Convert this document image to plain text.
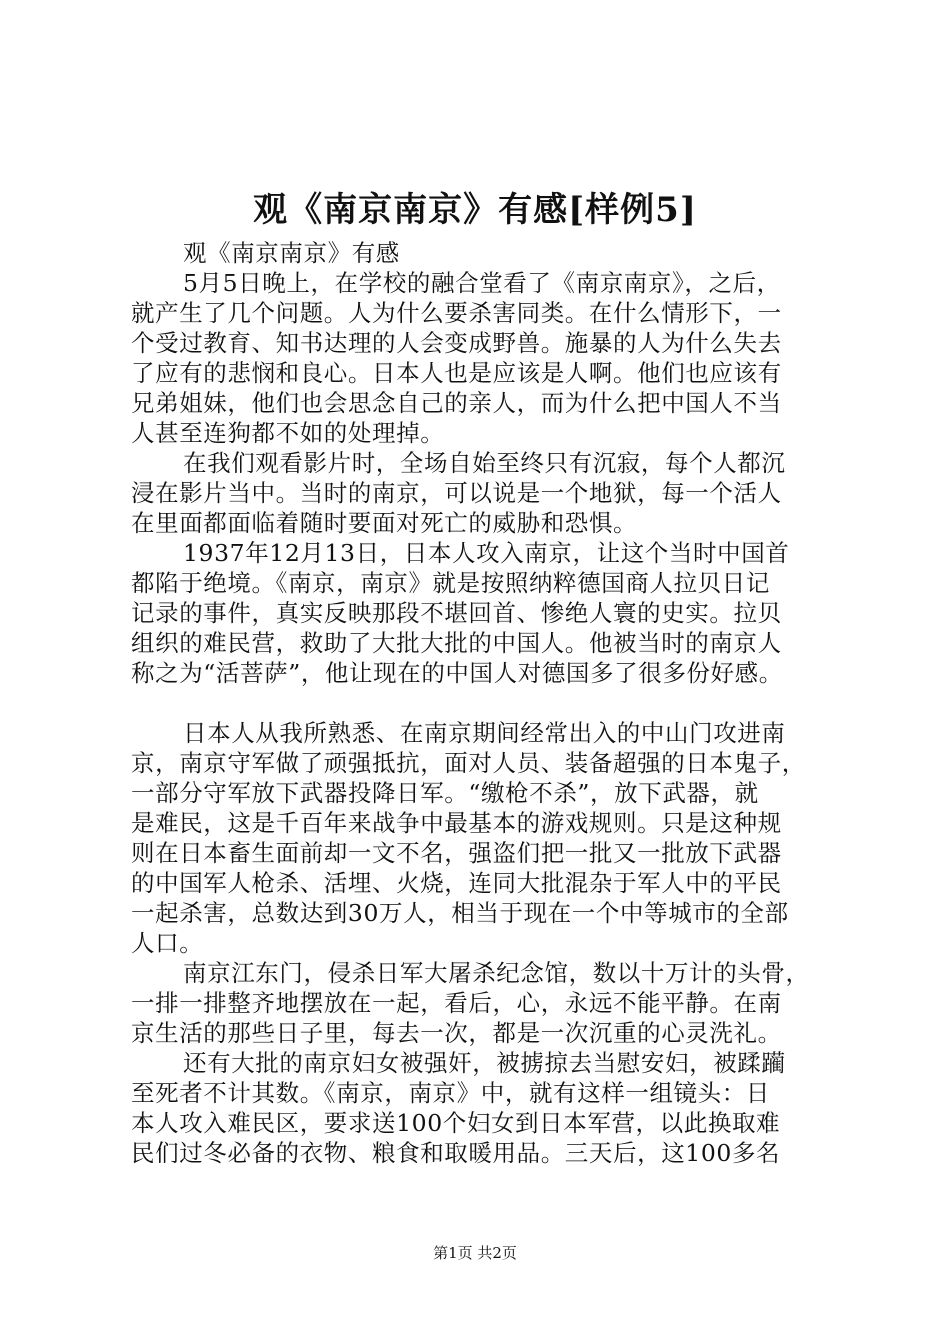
观《南京南京》有感[样例5]
观《南京南京》有感
5月5日晚上，在学校的融合堂看了《南京南京》，之后，
就产生了几个问题。人为什么要杀害同类。在什么情形下，一
个受过教育、知书达理的人会变成野兽。施暴的人为什么失去
了应有的悲悯和良心。日本人也是应该是人啊。他们也应该有
兄弟姐妹，他们也会思念自己的亲人，而为什么把中国人不当
人甚至连狗都不如的处理掉。
在我们观看影片时，全场自始至终只有沉寂，每个人都沉
浸在影片当中。当时的南京，可以说是一个地狱，每一个活人
在里面都面临着随时要面对死亡的威胁和恐惧。
1937年12月13日，日本人攻入南京，让这个当时中国首
都陷于绝境。《南京，南京》就是按照纳粹德国商人拉贝日记
记录的事件，真实反映那段不堪回首、惨绝人寰的史实。拉贝
组织的难民营，救助了大批大批的中国人。他被当时的南京人
称之为“活菩萨”，他让现在的中国人对德国多了很多份好感。
日本人从我所熟悉、在南京期间经常出入的中山门攻进南
京，南京守军做了顽强抵抗，面对人员、装备超强的日本鬼子，
一部分守军放下武器投降日军。“缴枪不杀”，放下武器，就
是难民，这是千百年来战争中最基本的游戏规则。只是这种规
则在日本畜生面前却一文不名，强盗们把一批又一批放下武器
的中国军人枪杀、活埋、火烧，连同大批混杂于军人中的平民
一起杀害，总数达到30万人，相当于现在一个中等城市的全部
人口。
南京江东门，侵杀日军大屠杀纪念馆，数以十万计的头骨，
一排一排整齐地摆放在一起，看后，心，永远不能平静。在南
京生活的那些日子里，每去一次，都是一次沉重的心灵洗礼。
还有大批的南京妇女被强奸，被掳掠去当慰安妇，被蹂躏
至死者不计其数。《南京，南京》中，就有这样一组镜头：日
本人攻入难民区，要求送100个妇女到日本军营，以此换取难
民们过冬必备的衣物、粮食和取暖用品。三天后，这100多名
第1页 共2页
